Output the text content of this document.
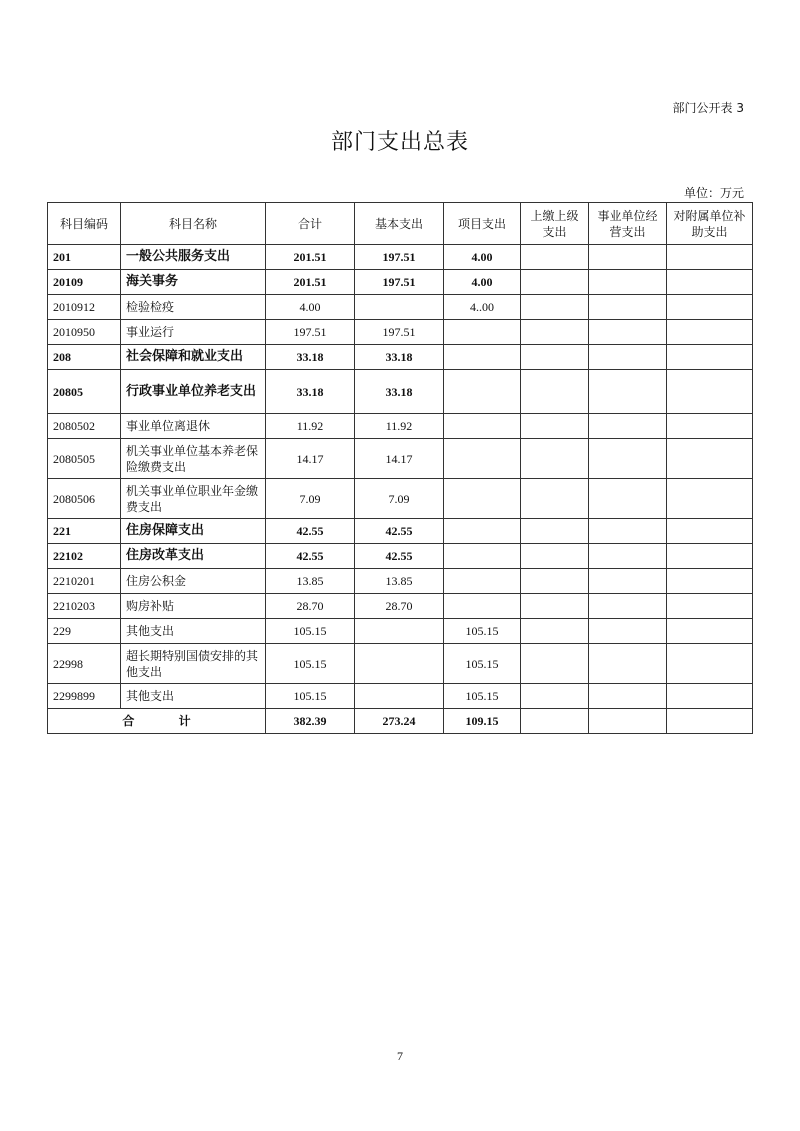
部门公开表 3
部门支出总表
单位：万元
科目编码	科目名称	合计	基本支出	项目支出	上缴上级支出	事业单位经营支出	对附属单位补助支出
201	一般公共服务支出	201.51	197.51	4.00			
20109	海关事务	201.51	197.51	4.00			
2010912	检验检疫	4.00		4..00			
2010950	事业运行	197.51	197.51				
208	社会保障和就业支出	33.18	33.18				
20805	行政事业单位养老支出	33.18	33.18				
2080502	事业单位离退休	11.92	11.92				
2080505	机关事业单位基本养老保险缴费支出	14.17	14.17				
2080506	机关事业单位职业年金缴费支出	7.09	7.09				
221	住房保障支出	42.55	42.55				
22102	住房改革支出	42.55	42.55				
2210201	住房公积金	13.85	13.85				
2210203	购房补贴	28.70	28.70				
229	其他支出	105.15		105.15			
22998	超长期特别国债安排的其他支出	105.15		105.15			
2299899	其他支出	105.15		105.15			
合 计		382.39	273.24	109.15			
7
